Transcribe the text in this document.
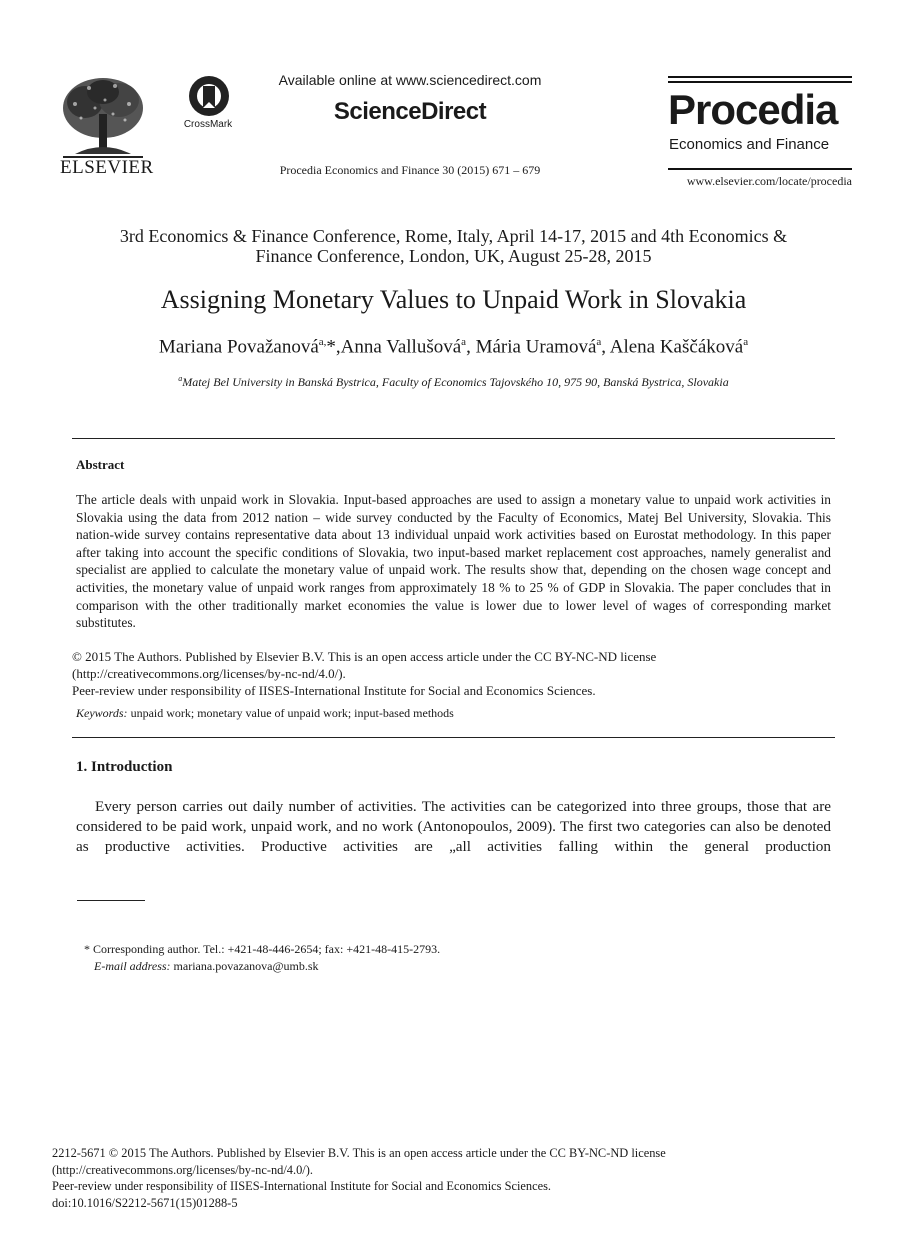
ELSEVIER
CrossMark
Available online at www.sciencedirect.com
ScienceDirect
Procedia Economics and Finance 30 (2015) 671 – 679
Procedia
Economics and Finance
www.elsevier.com/locate/procedia
3rd Economics & Finance Conference, Rome, Italy, April 14-17, 2015 and 4th Economics &
Finance Conference, London, UK, August 25-28, 2015
Assigning Monetary Values to Unpaid Work in Slovakia
Mariana Považanová$^{a,}$*,Anna Vallušová$^a$, Mária Uramová$^a$, Alena Kaščáková$^a$
$^a$Matej Bel University in Banská Bystrica, Faculty of Economics Tajovského 10, 975 90, Banská Bystrica, Slovakia
Abstract
The article deals with unpaid work in Slovakia. Input-based approaches are used to assign a monetary value to unpaid work activities in Slovakia using the data from 2012 nation – wide survey conducted by the Faculty of Economics, Matej Bel University, Slovakia. This nation-wide survey contains representative data about 13 individual unpaid work activities based on Eurostat methodology. In this paper after taking into account the specific conditions of Slovakia, two input-based market replacement cost approaches, namely generalist and specialist are applied to calculate the monetary value of unpaid work. The results show that, depending on the chosen wage concept and activities, the monetary value of unpaid work ranges from approximately 18 % to 25 % of GDP in Slovakia. The paper concludes that in comparison with the other traditionally market economies the value is lower due to lower level of wages of corresponding market substitutes.
© 2015 The Authors. Published by Elsevier B.V. This is an open access article under the CC BY-NC-ND license
(http://creativecommons.org/licenses/by-nc-nd/4.0/).
Peer-review under responsibility of IISES-International Institute for Social and Economics Sciences.
Keywords: unpaid work; monetary value of unpaid work; input-based methods
1. Introduction
Every person carries out daily number of activities. The activities can be categorized into three groups, those that are considered to be paid work, unpaid work, and no work (Antonopoulos, 2009). The first two categories can also be denoted as productive activities. Productive activities are „all activities falling within the general production
* Corresponding author. Tel.: +421-48-446-2654; fax: +421-48-415-2793.
E-mail address: mariana.povazanova@umb.sk
2212-5671 © 2015 The Authors. Published by Elsevier B.V. This is an open access article under the CC BY-NC-ND license
(http://creativecommons.org/licenses/by-nc-nd/4.0/).
Peer-review under responsibility of IISES-International Institute for Social and Economics Sciences.
doi:10.1016/S2212-5671(15)01288-5
